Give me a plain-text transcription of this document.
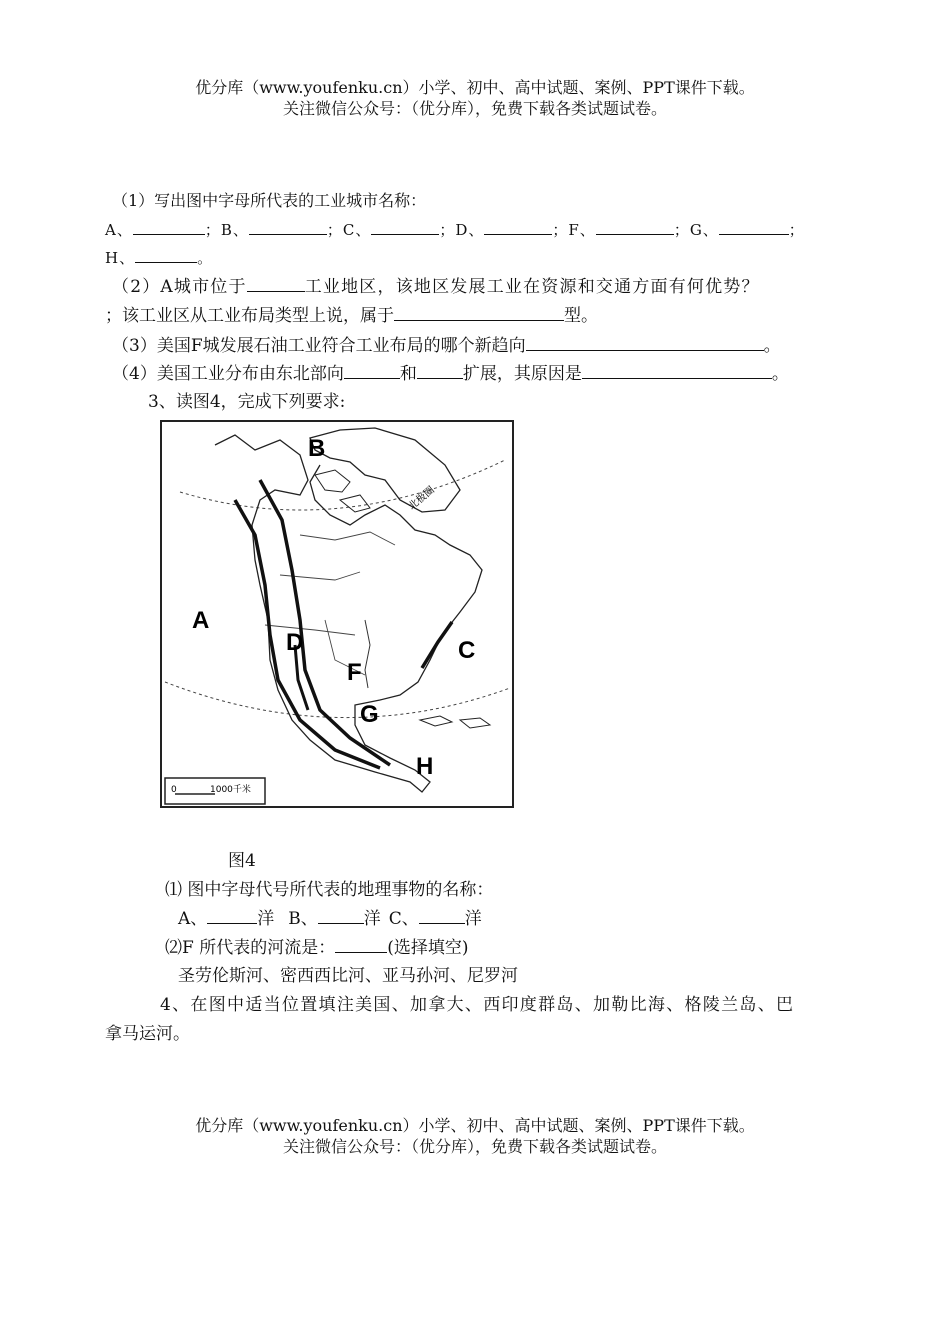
优分库（www.youfenku.cn）小学、初中、高中试题、案例、PPT课件下载。
关注微信公众号：（优分库），免费下载各类试题试卷。
（1）写出图中字母所代表的工业城市名称：
A、	；B、	；C、	；D、	；F、	；G、	；
H、	。
（2）A城市位于	工业地区，该地区发展工业在资源和交通方面有何优势？
；该工业区从工业布局类型上说，属于	型。
（3）美国F城发展石油工业符合工业布局的哪个新趋向	。
（4）美国工业分布由东北部向	和	扩展，其原因是	。
3、读图4，完成下列要求:
B
A
D	C
F
G
H
北极圈
0	1000千米
图4
⑴ 图中字母代号所代表的地理事物的名称：
A、	洋 B、	洋 C、	洋
⑵F 所代表的河流是：	(选择填空)
圣劳伦斯河、密西西比河、亚马孙河、尼罗河
4、在图中适当位置填注美国、加拿大、西印度群岛、加勒比海、格陵兰岛、巴
拿马运河。
优分库（www.youfenku.cn）小学、初中、高中试题、案例、PPT课件下载。
关注微信公众号：（优分库），免费下载各类试题试卷。
